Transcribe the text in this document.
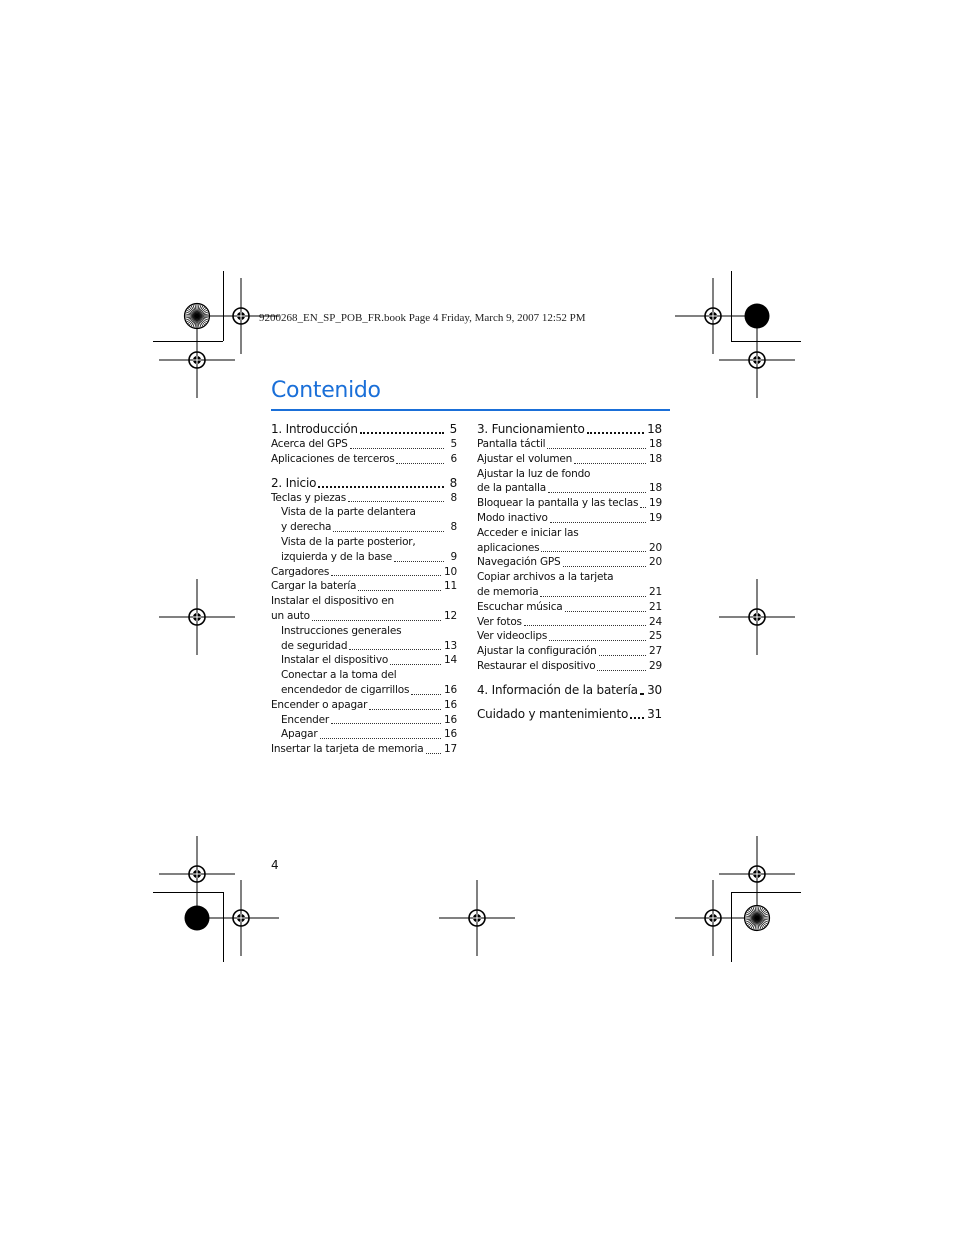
9200268_EN_SP_POB_FR.book Page 4 Friday, March 9, 2007 12:52 PM
Contenido
1. Introducción	5
Acerca del GPS	5
Aplicaciones de terceros	6
2. Inicio	8
Teclas y piezas	8
Vista de la parte delantera
y derecha	8
Vista de la parte posterior,
izquierda y de la base	9
Cargadores	10
Cargar la batería	11
Instalar el dispositivo en
un auto	12
Instrucciones generales
de seguridad	13
Instalar el dispositivo	14
Conectar a la toma del
encendedor de cigarrillos	16
Encender o apagar	16
Encender	16
Apagar	16
Insertar la tarjeta de memoria 17
3. Funcionamiento	18
Pantalla táctil	18
Ajustar el volumen	18
Ajustar la luz de fondo
de la pantalla	18
Bloquear la pantalla y las teclas 19
Modo inactivo	19
Acceder e iniciar las
aplicaciones	20
Navegación GPS	20
Copiar archivos a la tarjeta
de memoria	21
Escuchar música	21
Ver fotos	24
Ver videoclips	25
Ajustar la configuración	27
Restaurar el dispositivo	29
4. Información de la batería 30
Cuidado y mantenimiento 31
4
